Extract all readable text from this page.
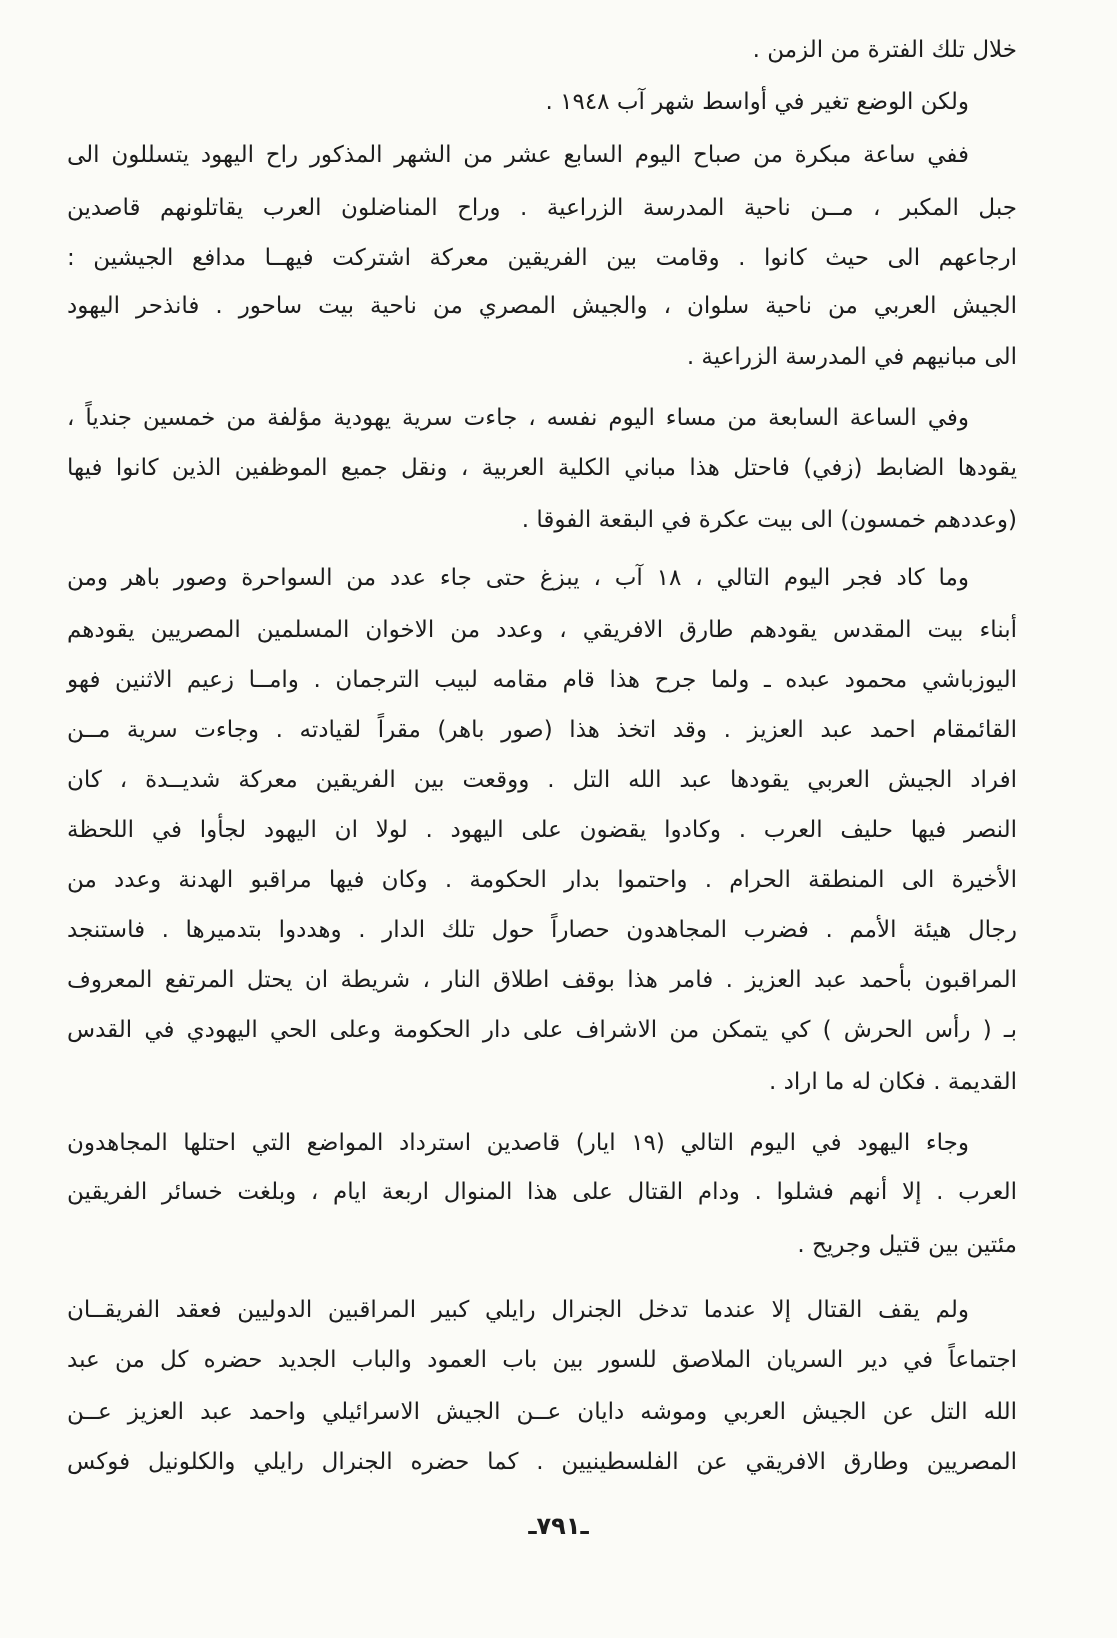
خلال تلك الفترة من الزمن .
ولكن الوضع تغير في أواسط شهر آب ١٩٤٨ .
ففي ساعة مبكرة من صباح اليوم السابع عشر من الشهر المذكور راح اليهود يتسللون الى
جبل المكبر ، مــن ناحية المدرسة الزراعية . وراح المناضلون العرب يقاتلونهم قاصدين
ارجاعهم الى حيث كانوا . وقامت بين الفريقين معركة اشتركت فيهــا مدافع الجيشين :
الجيش العربي من ناحية سلوان ، والجيش المصري من ناحية بيت ساحور . فانذحر اليهود
الى مبانيهم في المدرسة الزراعية .
وفي الساعة السابعة من مساء اليوم نفسه ، جاءت سرية يهودية مؤلفة من خمسين جندياً ،
يقودها الضابط (زفي) فاحتل هذا مباني الكلية العربية ، ونقل جميع الموظفين الذين كانوا فيها
(وعددهم خمسون) الى بيت عكرة في البقعة الفوقا .
وما كاد فجر اليوم التالي ، ١٨ آب ، يبزغ حتى جاء عدد من السواحرة وصور باهر ومن
أبناء بيت المقدس يقودهم طارق الافريقي ، وعدد من الاخوان المسلمين المصريين يقودهم
اليوزباشي محمود عبده ـ ولما جرح هذا قام مقامه لبيب الترجمان . وامــا زعيم الاثنين فهو
القائمقام احمد عبد العزيز . وقد اتخذ هذا (صور باهر) مقراً لقيادته . وجاءت سرية مــن
افراد الجيش العربي يقودها عبد الله التل . ووقعت بين الفريقين معركة شديــدة ، كان
النصر فيها حليف العرب . وكادوا يقضون على اليهود . لولا ان اليهود لجأوا في اللحظة
الأخيرة الى المنطقة الحرام . واحتموا بدار الحكومة . وكان فيها مراقبو الهدنة وعدد من
رجال هيئة الأمم . فضرب المجاهدون حصاراً حول تلك الدار . وهددوا بتدميرها . فاستنجد
المراقبون بأحمد عبد العزيز . فامر هذا بوقف اطلاق النار ، شريطة ان يحتل المرتفع المعروف
بـ ( رأس الحرش ) كي يتمكن من الاشراف على دار الحكومة وعلى الحي اليهودي في القدس
القديمة . فكان له ما اراد .
وجاء اليهود في اليوم التالي (١٩ ايار) قاصدين استرداد المواضع التي احتلها المجاهدون
العرب . إلا أنهم فشلوا . ودام القتال على هذا المنوال اربعة ايام ، وبلغت خسائر الفريقين
مئتين بين قتيل وجريح .
ولم يقف القتال إلا عندما تدخل الجنرال رايلي كبير المراقبين الدوليين فعقد الفريقــان
اجتماعاً في دير السريان الملاصق للسور بين باب العمود والباب الجديد حضره كل من عبد
الله التل عن الجيش العربي وموشه دايان عــن الجيش الاسرائيلي واحمد عبد العزيز عــن
المصريين وطارق الافريقي عن الفلسطينيين . كما حضره الجنرال رايلي والكلونيل فوكس
ـ٧٩١ـ
